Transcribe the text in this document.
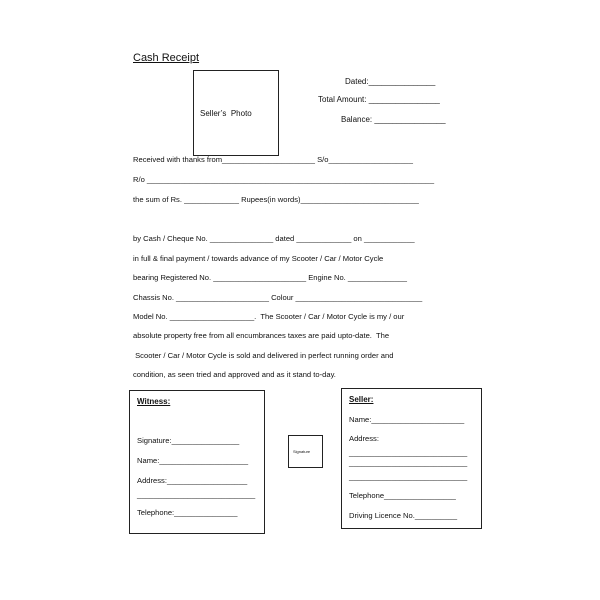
Cash Receipt
Seller’s  Photo
Dated:_______________
Total Amount: ________________
Balance: ________________
Received with thanks from______________________ S/o____________________
R/o ____________________________________________________________________
the sum of Rs. _____________ Rupees(in words)____________________________
by Cash / Cheque No. _______________ dated _____________ on ____________
in full & final payment / towards advance of my Scooter / Car / Motor Cycle
bearing Registered No. ______________________ Engine No. ______________
Chassis No. ______________________ Colour ______________________________
Model No. ____________________.  The Scooter / Car / Motor Cycle is my / our
absolute property free from all encumbrances taxes are paid upto-date.  The
Scooter / Car / Motor Cycle is sold and delivered in perfect running order and
condition, as seen tried and approved and as it stand to-day.
Witness:
Signature:________________
Name:_____________________
Address:___________________
____________________________
Telephone:_______________
Signature
Seller:
Name:______________________
Address:
____________________________
____________________________
____________________________
Telephone_________________
Driving Licence No.__________
